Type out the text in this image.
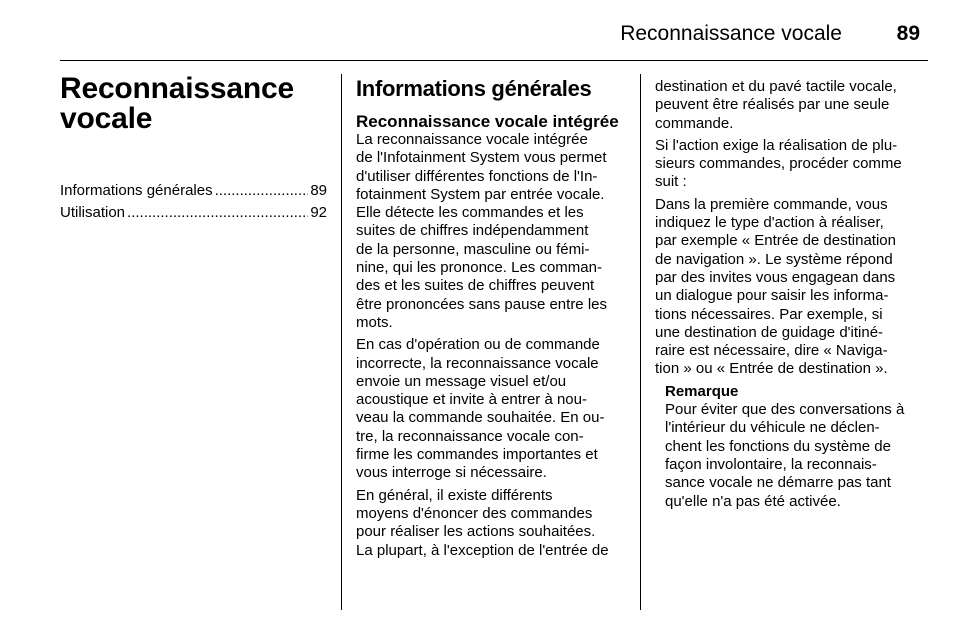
Reconnaissance vocale	89
Reconnaissance vocale
Informations générales .....	89
Utilisation .....	92
Informations générales
Reconnaissance vocale intégrée
La reconnaissance vocale intégrée
de l'Infotainment System vous permet
d'utiliser différentes fonctions de l'In-
fotainment System par entrée vocale.
Elle détecte les commandes et les
suites de chiffres indépendamment
de la personne, masculine ou fémi-
nine, qui les prononce. Les comman-
des et les suites de chiffres peuvent
être prononcées sans pause entre les
mots.
En cas d'opération ou de commande
incorrecte, la reconnaissance vocale
envoie un message visuel et/ou
acoustique et invite à entrer à nou-
veau la commande souhaitée. En ou-
tre, la reconnaissance vocale con-
firme les commandes importantes et
vous interroge si nécessaire.
En général, il existe différents
moyens d'énoncer des commandes
pour réaliser les actions souhaitées.
La plupart, à l'exception de l'entrée de
destination et du pavé tactile vocale,
peuvent être réalisés par une seule
commande.
Si l'action exige la réalisation de plu-
sieurs commandes, procéder comme
suit :
Dans la première commande, vous
indiquez le type d'action à réaliser,
par exemple « Entrée de destination
de navigation ». Le système répond
par des invites vous engagean dans
un dialogue pour saisir les informa-
tions nécessaires. Par exemple, si
une destination de guidage d'itiné-
raire est nécessaire, dire « Naviga-
tion » ou « Entrée de destination ».
Remarque
Pour éviter que des conversations à
l'intérieur du véhicule ne déclen-
chent les fonctions du système de
façon involontaire, la reconnais-
sance vocale ne démarre pas tant
qu'elle n'a pas été activée.
